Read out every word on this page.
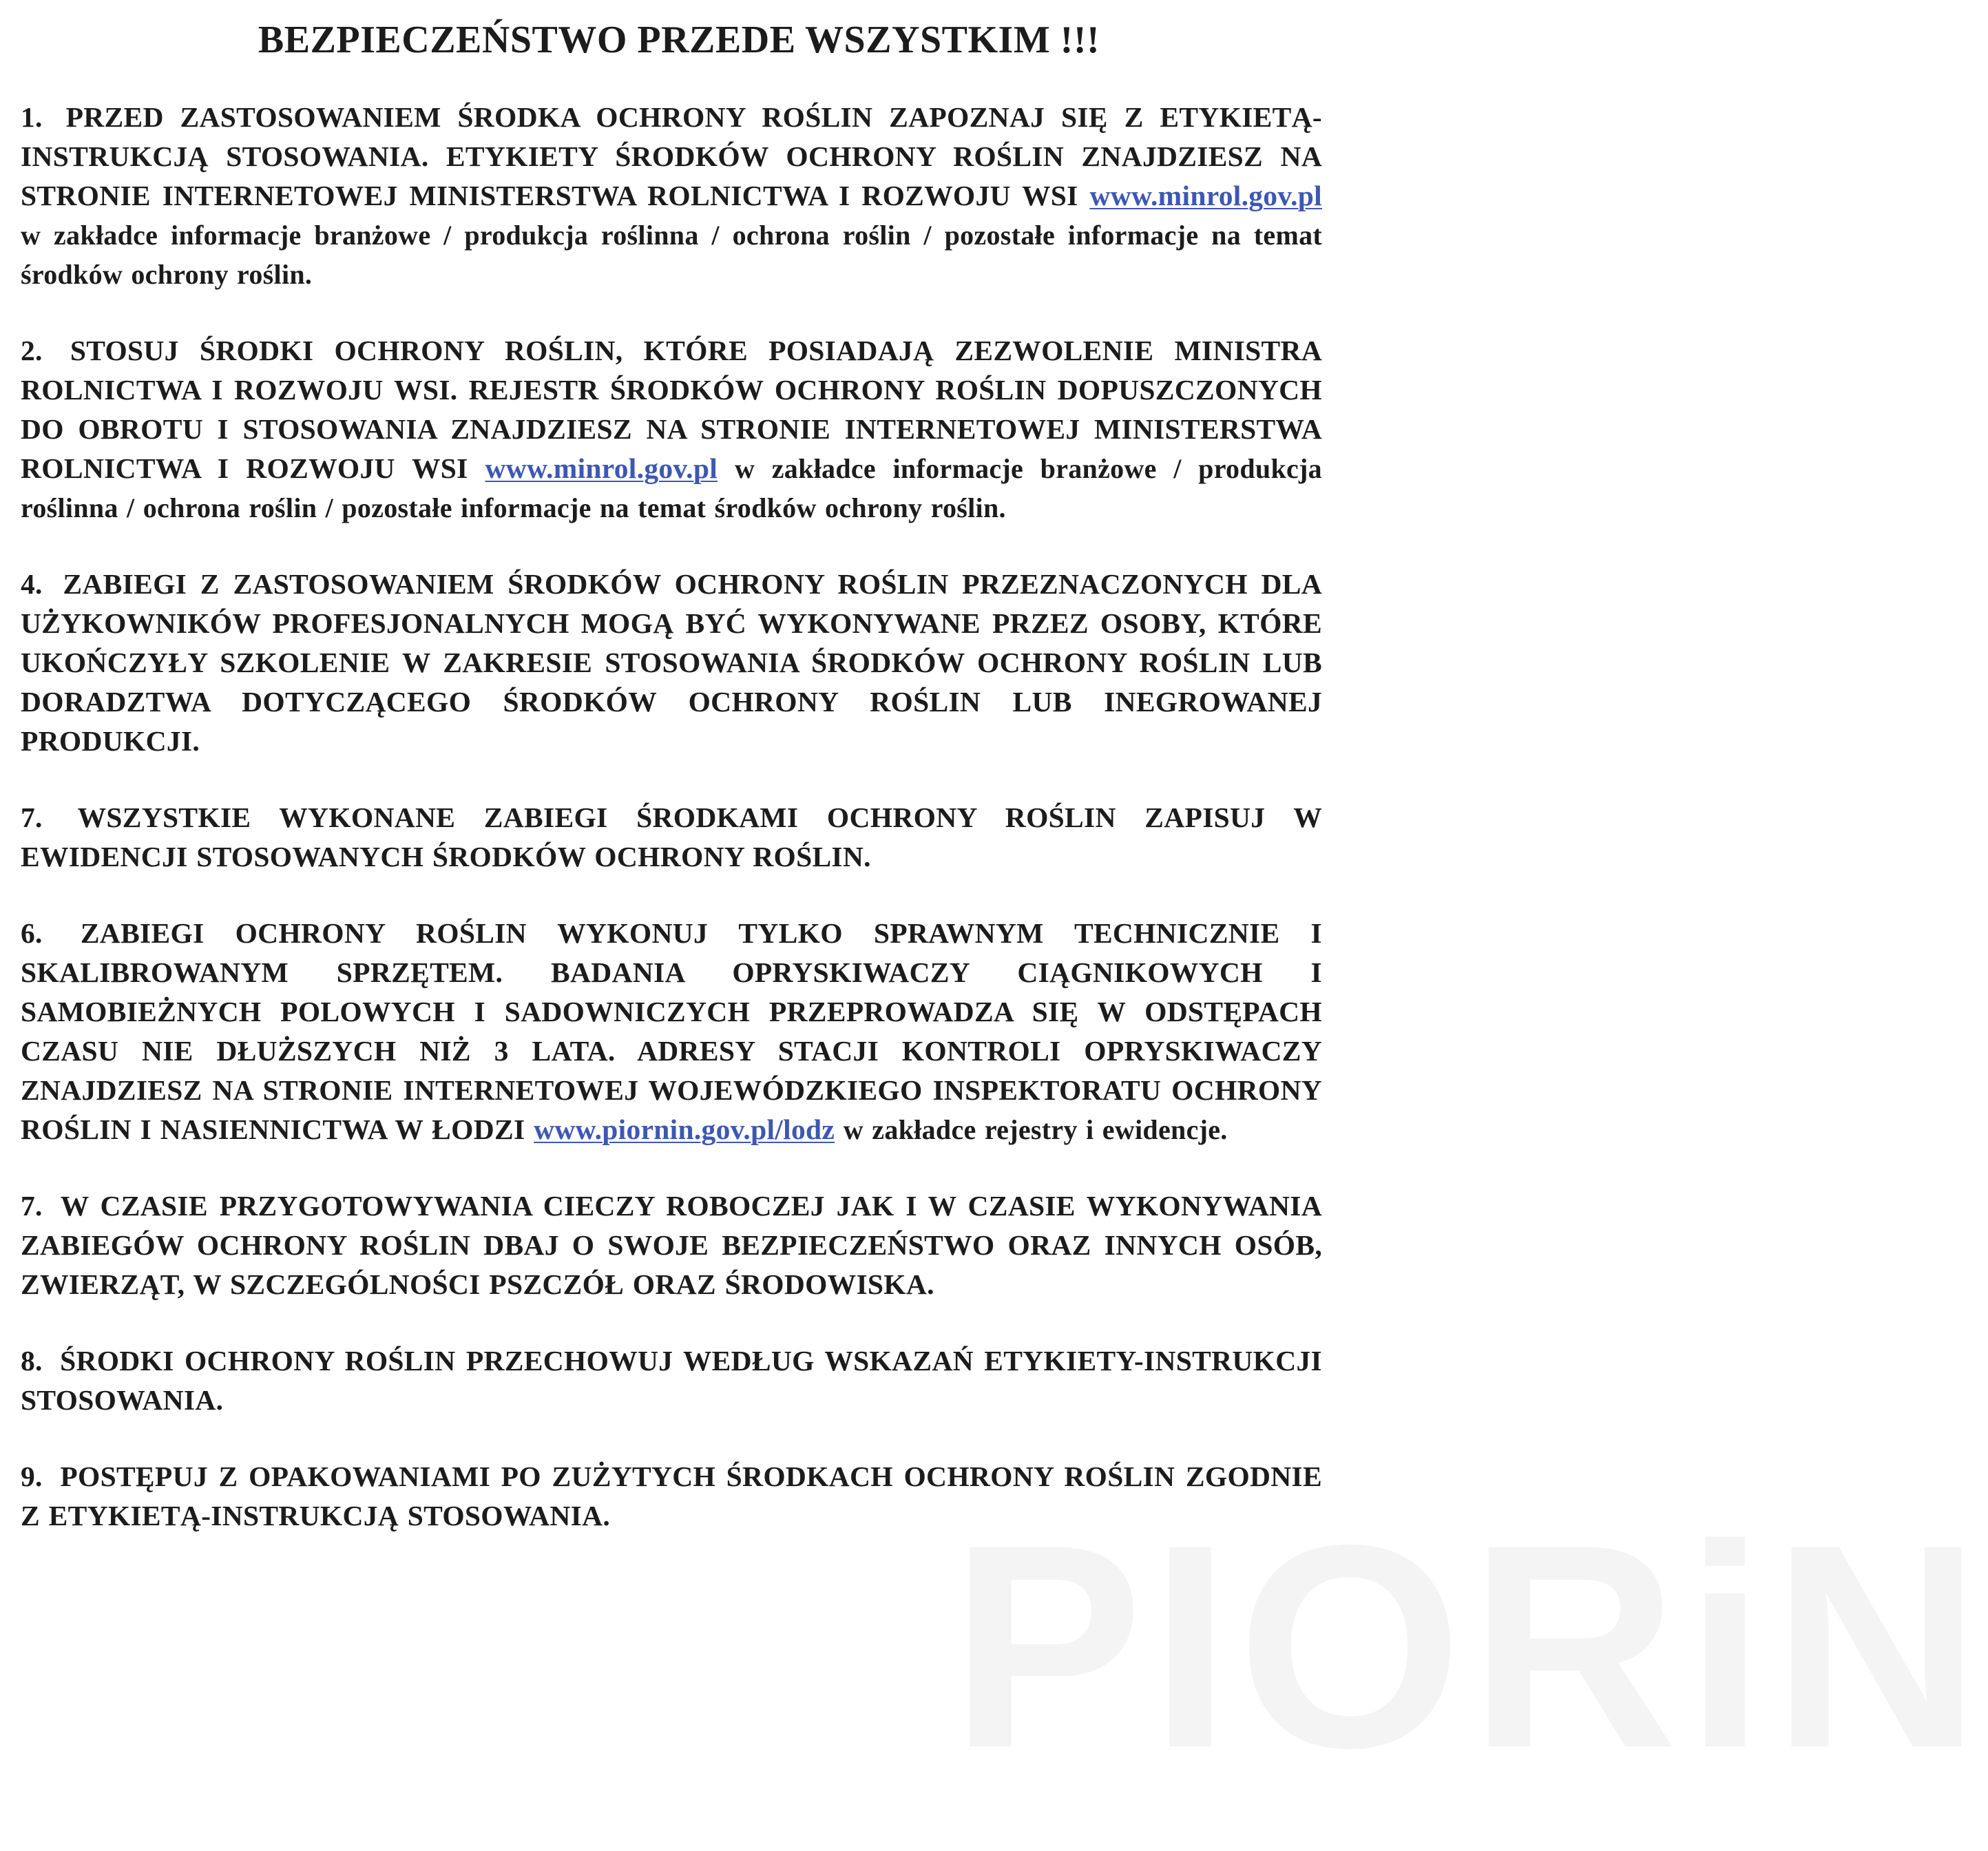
PIORiN
BEZPIECZEŃSTWO PRZEDE WSZYSTKIM !!!
1. PRZED ZASTOSOWANIEM ŚRODKA OCHRONY ROŚLIN ZAPOZNAJ SIĘ Z ETYKIETĄ-INSTRUKCJĄ STOSOWANIA. ETYKIETY ŚRODKÓW OCHRONY ROŚLIN ZNAJDZIESZ NA STRONIE INTERNETOWEJ MINISTERSTWA ROLNICTWA I ROZWOJU WSI www.minrol.gov.pl w zakładce informacje branżowe / produkcja roślinna / ochrona roślin / pozostałe informacje na temat środków ochrony roślin.
2. STOSUJ ŚRODKI OCHRONY ROŚLIN, KTÓRE POSIADAJĄ ZEZWOLENIE MINISTRA ROLNICTWA I ROZWOJU WSI. REJESTR ŚRODKÓW OCHRONY ROŚLIN DOPUSZCZONYCH DO OBROTU I STOSOWANIA ZNAJDZIESZ NA STRONIE INTERNETOWEJ MINISTERSTWA ROLNICTWA I ROZWOJU WSI www.minrol.gov.pl w zakładce informacje branżowe / produkcja roślinna / ochrona roślin / pozostałe informacje na temat środków ochrony roślin.
4. ZABIEGI Z ZASTOSOWANIEM ŚRODKÓW OCHRONY ROŚLIN PRZEZNACZONYCH DLA UŻYKOWNIKÓW PROFESJONALNYCH MOGĄ BYĆ WYKONYWANE PRZEZ OSOBY, KTÓRE UKOŃCZYŁY SZKOLENIE W ZAKRESIE STOSOWANIA ŚRODKÓW OCHRONY ROŚLIN LUB DORADZTWA DOTYCZĄCEGO ŚRODKÓW OCHRONY ROŚLIN LUB INEGROWANEJ PRODUKCJI.
7. WSZYSTKIE WYKONANE ZABIEGI ŚRODKAMI OCHRONY ROŚLIN ZAPISUJ W EWIDENCJI STOSOWANYCH ŚRODKÓW OCHRONY ROŚLIN.
6. ZABIEGI OCHRONY ROŚLIN WYKONUJ TYLKO SPRAWNYM TECHNICZNIE I SKALIBROWANYM SPRZĘTEM. BADANIA OPRYSKIWACZY CIĄGNIKOWYCH I SAMOBIEŻNYCH POLOWYCH I SADOWNICZYCH PRZEPROWADZA SIĘ W ODSTĘPACH CZASU NIE DŁUŻSZYCH NIŻ 3 LATA. ADRESY STACJI KONTROLI OPRYSKIWACZY ZNAJDZIESZ NA STRONIE INTERNETOWEJ WOJEWÓDZKIEGO INSPEKTORATU OCHRONY ROŚLIN I NASIENNICTWA W ŁODZI www.piornin.gov.pl/lodz w zakładce rejestry i ewidencje.
7. W CZASIE PRZYGOTOWYWANIA CIECZY ROBOCZEJ JAK I W CZASIE WYKONYWANIA ZABIEGÓW OCHRONY ROŚLIN DBAJ O SWOJE BEZPIECZEŃSTWO ORAZ INNYCH OSÓB, ZWIERZĄT, W SZCZEGÓLNOŚCI PSZCZÓŁ ORAZ ŚRODOWISKA.
8. ŚRODKI OCHRONY ROŚLIN PRZECHOWUJ WEDŁUG WSKAZAŃ ETYKIETY-INSTRUKCJI STOSOWANIA.
9. POSTĘPUJ Z OPAKOWANIAMI PO ZUŻYTYCH ŚRODKACH OCHRONY ROŚLIN ZGODNIE Z ETYKIETĄ-INSTRUKCJĄ STOSOWANIA.
